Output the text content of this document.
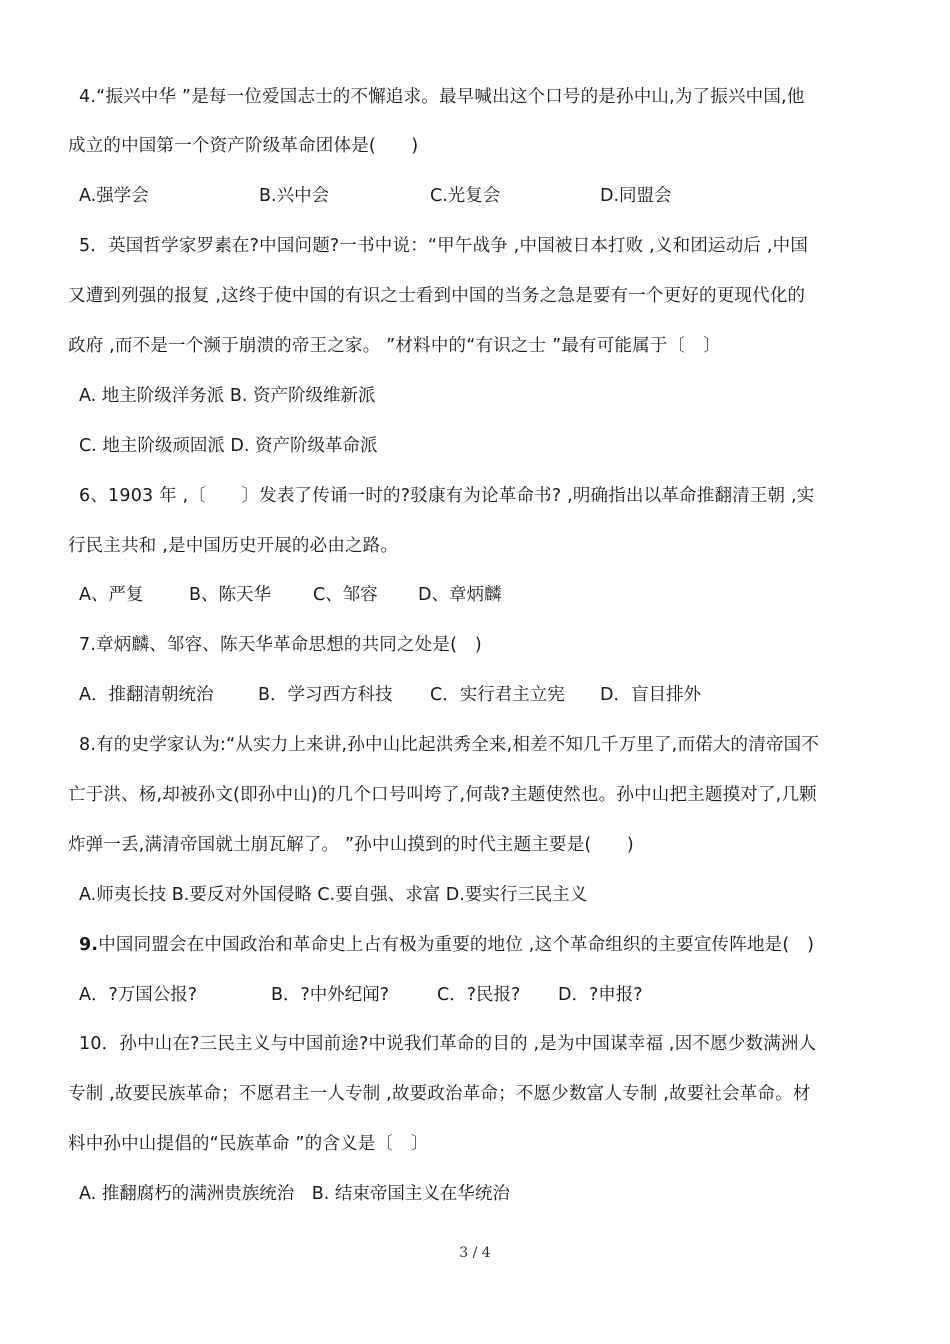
4.“振兴中华 ”是每一位爱国志士的不懈追求。最早喊出这个口号的是孙中山,为了振兴中国,他
成立的中国第一个资产阶级革命团体是(　　)
A.强学会	B.兴中会	C.光复会	D.同盟会
5．英国哲学家罗素在?中国问题?一书中说：“甲午战争 ,中国被日本打败 ,义和团运动后 ,中国
又遭到列强的报复 ,这终于使中国的有识之士看到中国的当务之急是要有一个更好的更现代化的
政府 ,而不是一个濒于崩溃的帝王之家。 ”材料中的“有识之士 ”最有可能属于〔　〕
A. 地主阶级洋务派 B. 资产阶级维新派
C. 地主阶级顽固派 D. 资产阶级革命派
6、1903 年 ,〔　　〕发表了传诵一时的?驳康有为论革命书? ,明确指出以革命推翻清王朝 ,实
行民主共和 ,是中国历史开展的必由之路。
A、严复	B、陈天华 C、邹容 D、章炳麟
7.章炳麟、邹容、陈天华革命思想的共同之处是(　)
A．推翻清朝统治	B．学习西方科技 C．实行君主立宪 D．盲目排外
8.有的史学家认为:“从实力上来讲,孙中山比起洪秀全来,相差不知几千万里了,而偌大的清帝国不
亡于洪、杨,却被孙文(即孙中山)的几个口号叫垮了,何哉?主题使然也。孙中山把主题摸对了,几颗
炸弹一丢,满清帝国就土崩瓦解了。 ”孙中山摸到的时代主题主要是(　　)
A.师夷长技 B.要反对外国侵略 C.要自强、求富 D.要实行三民主义
9.中国同盟会在中国政治和革命史上占有极为重要的地位 ,这个革命组织的主要宣传阵地是(　)
A．?万国公报?	B．?中外纪闻?	C．?民报? D．?申报?
10．孙中山在?三民主义与中国前途?中说我们革命的目的 ,是为中国谋幸福 ,因不愿少数满洲人
专制 ,故要民族革命；不愿君主一人专制 ,故要政治革命；不愿少数富人专制 ,故要社会革命。材
料中孙中山提倡的“民族革命 ”的含义是〔　〕
A. 推翻腐朽的满洲贵族统治　B. 结束帝国主义在华统治
3 / 4
